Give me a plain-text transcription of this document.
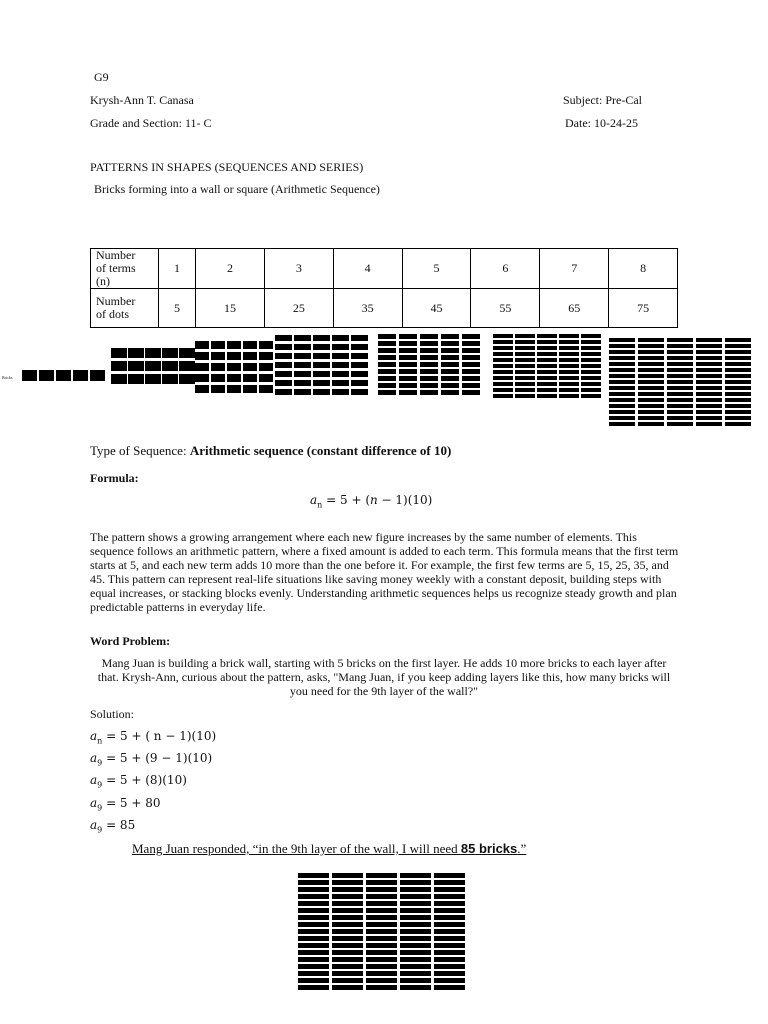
G9
Krysh-Ann T. Canasa	Subject: Pre-Cal
Grade and Section: 11- C	Date: 10-24-25
PATTERNS IN SHAPES (SEQUENCES AND SERIES)
Bricks forming into a wall or square (Arithmetic Sequence)
Number
of terms
(n)	1	2	3	4	5	6	7	8
Number
of dots	5	15	25	35	45	55	65	75
Bricks
Type of Sequence: Arithmetic sequence (constant difference of 10)
Formula:
$a_n = 5 + (n - 1)(10)$
The pattern shows a growing arrangement where each new figure increases by the same number of elements. This sequence follows an arithmetic pattern, where a fixed amount is added to each term. This formula means that the first term starts at 5, and each new term adds 10 more than the one before it. For example, the first few terms are 5, 15, 25, 35, and 45. This pattern can represent real-life situations like saving money weekly with a constant deposit, building steps with equal increases, or stacking blocks evenly. Understanding arithmetic sequences helps us recognize steady growth and plan predictable patterns in everyday life.
Word Problem:
Mang Juan is building a brick wall, starting with 5 bricks on the first layer. He adds 10 more bricks to each layer after that. Krysh-Ann, curious about the pattern, asks, "Mang Juan, if you keep adding layers like this, how many bricks will you need for the 9th layer of the wall?"
Solution:
$a_n = 5$ + ( n − 1)(10)
$a_9 = 5 + (9 - 1)(10)$
$a_9 = 5 + (8)(10)$
$a_9 = 5 + 80$
$a_9 = 85$
Mang Juan responded, “in the 9th layer of the wall, I will need 85 bricks.”
